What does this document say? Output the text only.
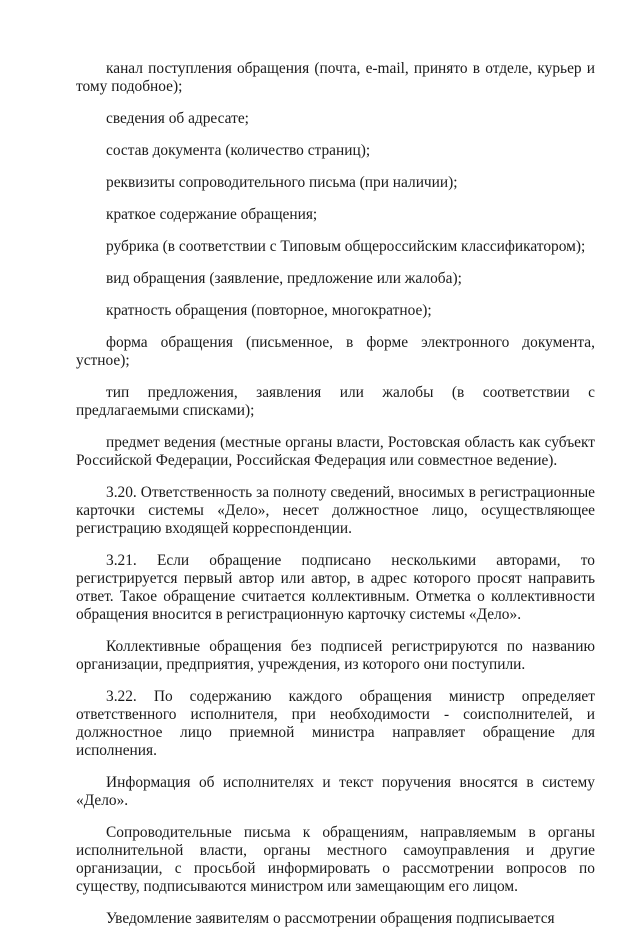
канал поступления обращения (почта, e-mail, принято в отделе, курьер и тому подобное);

сведения об адресате;

состав документа (количество страниц);

реквизиты сопроводительного письма (при наличии);

краткое содержание обращения;

рубрика (в соответствии с Типовым общероссийским классификатором);

вид обращения (заявление, предложение или жалоба);

кратность обращения (повторное, многократное);

форма обращения (письменное, в форме электронного документа, устное);

тип предложения, заявления или жалобы (в соответствии с предлагаемыми списками);

предмет ведения (местные органы власти, Ростовская область как субъект Российской Федерации, Российская Федерация или совместное ведение).

3.20. Ответственность за полноту сведений, вносимых в регистрационные карточки системы «Дело», несет должностное лицо, осуществляющее регистрацию входящей корреспонденции.

3.21. Если обращение подписано несколькими авторами, то регистрируется первый автор или автор, в адрес которого просят направить ответ. Такое обращение считается коллективным. Отметка о коллективности обращения вносится в регистрационную карточку системы «Дело».

Коллективные обращения без подписей регистрируются по названию организации, предприятия, учреждения, из которого они поступили.

3.22. По содержанию каждого обращения министр определяет ответственного исполнителя, при необходимости - соисполнителей, и должностное лицо приемной министра направляет обращение для исполнения.

Информация об исполнителях и текст поручения вносятся в систему «Дело».

Сопроводительные письма к обращениям, направляемым в органы исполнительной власти, органы местного самоуправления и другие организации, с просьбой информировать о рассмотрении вопросов по существу, подписываются министром или замещающим его лицом.

Уведомление заявителям о рассмотрении обращения подписывается
